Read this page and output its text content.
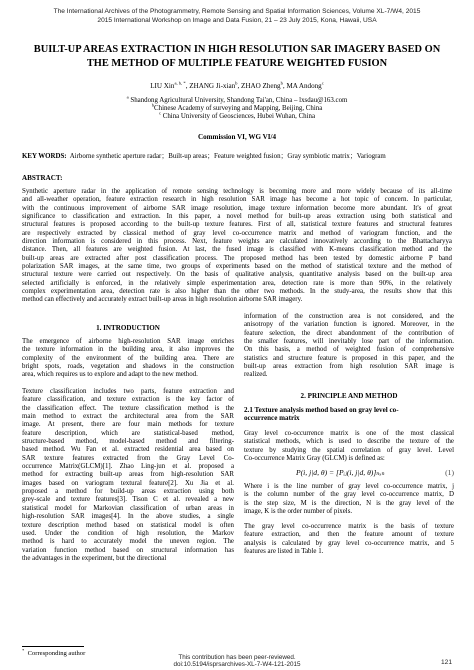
The International Archives of the Photogrammetry, Remote Sensing and Spatial Information Sciences, Volume XL-7/W4, 2015
2015 International Workshop on Image and Data Fusion, 21 – 23 July 2015, Kona, Hawaii, USA
BUILT-UP AREAS EXTRACTION IN HIGH RESOLUTION SAR IMAGERY BASED ON
THE METHOD OF MULTIPLE FEATURE WEIGHTED FUSION
LIU Xin$^{a, b, *}$, ZHANG Ji-xian$^b$, ZHAO Zheng$^b$, MA Andong$^c$
$^a$ Shandong Agricultural University, Shandong Tai'an, China – lxsdau@163.com
$^b$Chinese Academy of surveying and Mapping, Beijing, China
$^c$ China University of Geosciences, Hubei Wuhan, China
Commission VI, WG VI/4
KEY WORDS: Airborne synthetic aperture radar；Built-up areas；Feature weighted fusion；Gray symbiotic matrix；Variogram
ABSTRACT:
Synthetic aperture radar in the application of remote sensing technology is becoming more and more widely because of its all-time
and all-weather operation, feature extraction research in high resolution SAR image has become a hot topic of concern. In particular,
with the continuous improvement of airborne SAR image resolution, image texture information become more abundant. It's of great
significance to classification and extraction. In this paper, a novel method for built-up areas extraction using both statistical and
structural features is proposed according to the built-up texture features. First of all, statistical texture features and structural features
are respectively extracted by classical method of gray level co-occurrence matrix and method of variogram function, and the
direction information is considered in this process. Next, feature weights are calculated innovatively according to the Bhattacharyya
distance. Then, all features are weighted fusion. At last, the fused image is classified with K-means classification method and the
built-up areas are extracted after post classification process. The proposed method has been tested by domestic airborne P band
polarization SAR images, at the same time, two groups of experiments based on the method of statistical texture and the method of
structural texture were carried out respectively. On the basis of qualitative analysis, quantitative analysis based on the built-up area
selected artificially is enforced, in the relatively simple experimentation area, detection rate is more than 90%, in the relatively
complex experimentation area, detection rate is also higher than the other two methods. In the study-area, the results show that this
method can effectively and accurately extract built-up areas in high resolution airborne SAR imagery.
1. INTRODUCTION
The emergence of airborne high-resolution SAR image enriches
the texture information in the building area, it also improves the
complexity of the environment of the building area. There are
bright spots, roads, vegetation and shadows in the construction
area, which requires us to explore and adapt to the new method.
Texture classification includes two parts, feature extraction and
feature classification, and texture extraction is the key factor of
the classification effect. The texture classification method is the
main method to extract the architectural area from the SAR
image. At present, there are four main methods for texture
feature description, which are statistical-based method,
structure-based method, model-based method and filtering-
based method. Wu Fan et al. extracted residential area based on
SAR texture features extracted from the Gray Level Co-
occurrence Matrix(GLCM)[1]. Zhao Ling-jun et al. proposed a
method for extracting built-up areas from high-resolution SAR
images based on variogram textural feature[2]. Xu Jia et al.
proposed a method for build-up areas extraction using both
grey-scale and texture features[3]. Tison C et al. revealed a new
statistical model for Markovian classification of urban areas in
high-resolution SAR images[4]. In the above studies, a single
texture description method based on statistical model is often
used. Under the condition of high resolution, the Markov
method is hard to accurately model the uneven region. The
variation function method based on structural information has
the advantages in the experiment, but the directional
information of the construction area is not considered, and the
anisotropy of the variation function is ignored. Moreover, in the
feature selection, the direct abandonment of the contribution of
the smaller features, will inevitably lose part of the information.
On this basis, a method of weighted fusion of comprehensive
statistics and structure feature is proposed in this paper, and the
built-up areas extraction from high resolution SAR image is
realized.
2. PRINCIPLE AND METHOD
2.1 Texture analysis method based on gray level co-
occurrence matrix
Gray level co-occurrence matrix is one of the most classical
statistical methods, which is used to describe the texture of the
texture by studying the spatial correlation of gray level. Level
Co-occurrence Matrix Gray (GLCM) is defined as:
P(i, j|d, θ) = [Pᵢⱼ(i, j|d, θ)]ₙₓₙ	(1)
Where i is the line number of gray level co-occurrence matrix, j
is the column number of the gray level co-occurrence matrix, D
is the step size, M is the direction, N is the gray level of the
image, K is the order number of pixels.
The gray level co-occurrence matrix is the basis of texture
feature extraction, and then the feature amount of texture
analysis is calculated by gray level co-occurrence matrix, and 5
features are listed in Table 1.
* Corresponding author
This contribution has been peer-reviewed.
doi:10.5194/isprsarchives-XL-7-W4-121-2015	121
